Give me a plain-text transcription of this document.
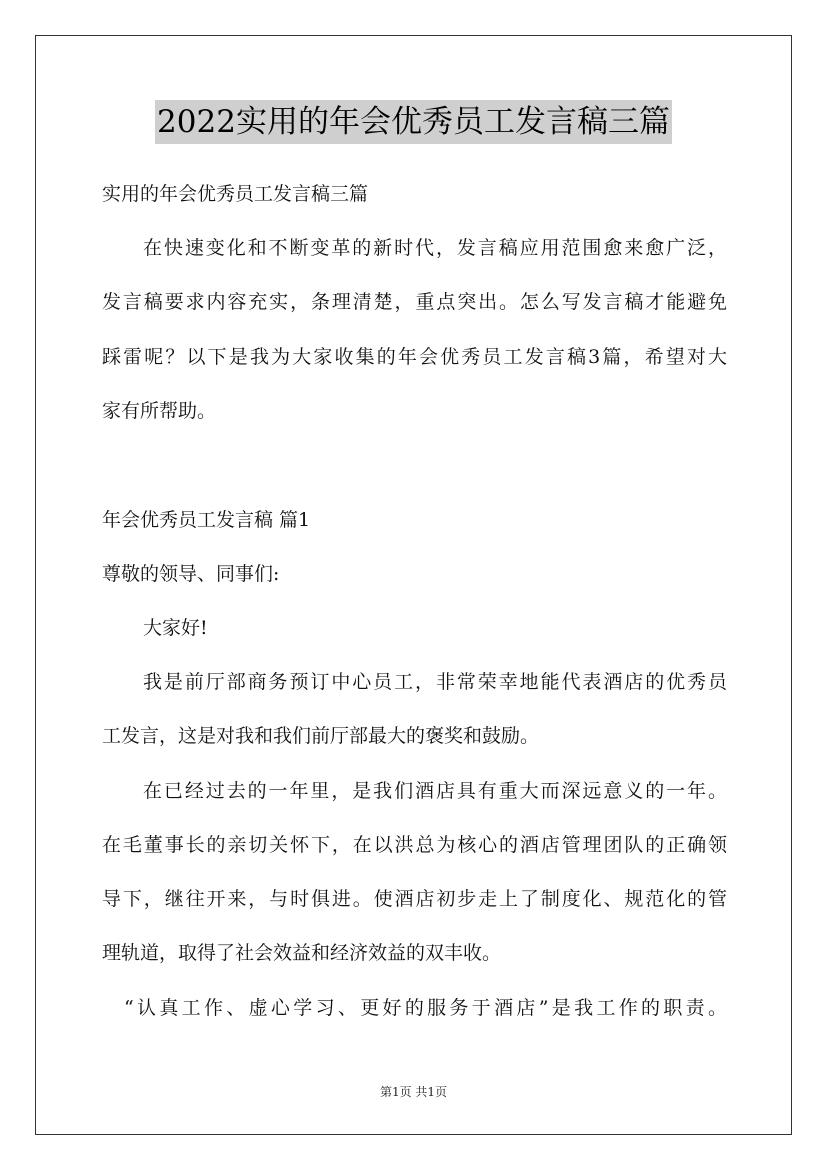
2022实用的年会优秀员工发言稿三篇
实用的年会优秀员工发言稿三篇
在快速变化和不断变革的新时代，发言稿应用范围愈来愈广泛，
发言稿要求内容充实，条理清楚，重点突出。怎么写发言稿才能避免
踩雷呢？以下是我为大家收集的年会优秀员工发言稿3篇，希望对大
家有所帮助。
年会优秀员工发言稿 篇1
尊敬的领导、同事们:
大家好!
我是前厅部商务预订中心员工，非常荣幸地能代表酒店的优秀员
工发言，这是对我和我们前厅部最大的褒奖和鼓励。
在已经过去的一年里，是我们酒店具有重大而深远意义的一年。
在毛董事长的亲切关怀下，在以洪总为核心的酒店管理团队的正确领
导下，继往开来，与时俱进。使酒店初步走上了制度化、规范化的管
理轨道，取得了社会效益和经济效益的双丰收。
“认真工作、虚心学习、更好的服务于酒店”是我工作的职责。
第1页 共1页
